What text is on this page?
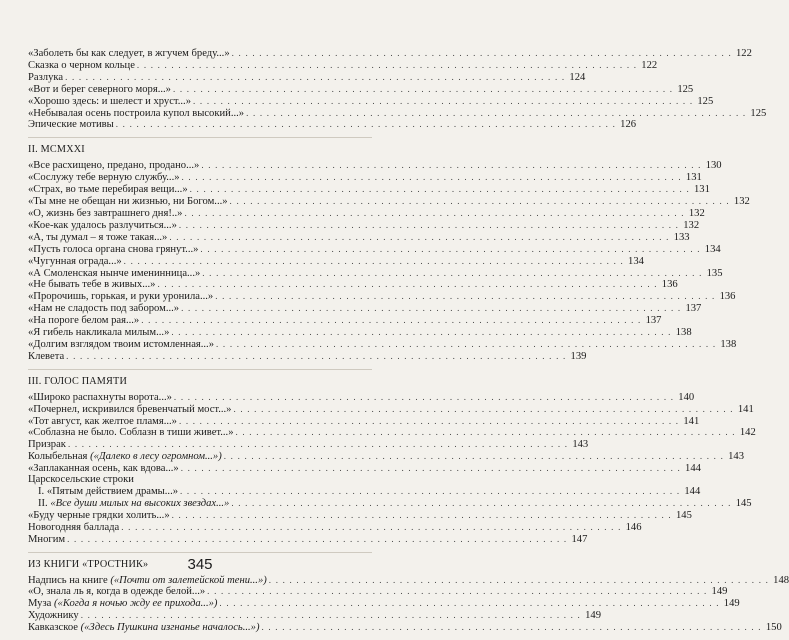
«Заболеть бы как следует, в жгучем бреду...» . . .	122
Сказка о черном кольце . . .	122
Разлука . . .	124
«Вот и берег северного моря...» . . .	125
«Хорошо здесь: и шелест и хруст...» . . .	125
«Небывалая осень построила купол высокий...» . . .	125
Эпические мотивы . . .	126
II. MCMXXI
«Все расхищено, предано, продано...» . . .	130
«Сослужу тебе верную службу...» . . .	131
«Страх, во тьме перебирая вещи...» . . .	131
«Ты мне не обещан ни жизнью, ни Богом...» . . .	132
«О, жизнь без завтрашнего дня!..» . . .	132
«Кое-как удалось разлучиться...» . . .	132
«А, ты думал – я тоже такая...» . . .	133
«Пусть голоса органа снова грянут...» . . .	134
«Чугунная ограда...» . . .	134
«А Смоленская нынче именинница...» . . .	135
«Не бывать тебе в живых...» . . .	136
«Пророчишь, горькая, и руки уронила...» . . .	136
«Нам не сладость под забором...» . . .	137
«На пороге белом рая...» . . .	137
«Я гибель накликала милым...» . . .	138
«Долгим взглядом твоим истомленная...» . . .	138
Клевета . . .	139
III. ГОЛОС ПАМЯТИ
«Широко распахнуты ворота...» . . .	140
«Почернел, искривился бревенчатый мост...» . . .	141
«Тот август, как желтое пламя...» . . .	141
«Соблазна не было. Соблазн в тиши живет...» . . .	142
Призрак . . .	143
Колыбельная («Далеко в лесу огромном...») . . .	143
«Заплаканная осень, как вдова...» . . .	144
Царскосельские строки
I. «Пятым действием драмы...» . . .	144
II. «Все души милых на высоких звездах...» . . .	145
«Буду черные грядки холить...» . . .	145
Новогодняя баллада . . .	146
Многим . . .	147
ИЗ КНИГИ «ТРОСТНИК»
Надпись на книге («Почти от залетейской тени...») . . .	148
«О, знала ль я, когда в одежде белой...» . . .	149
Муза («Когда я ночью жду ее прихода...») . . .	149
Художнику . . .	149
Кавказское («Здесь Пушкина изгнанье началось...») . . .	150
345
